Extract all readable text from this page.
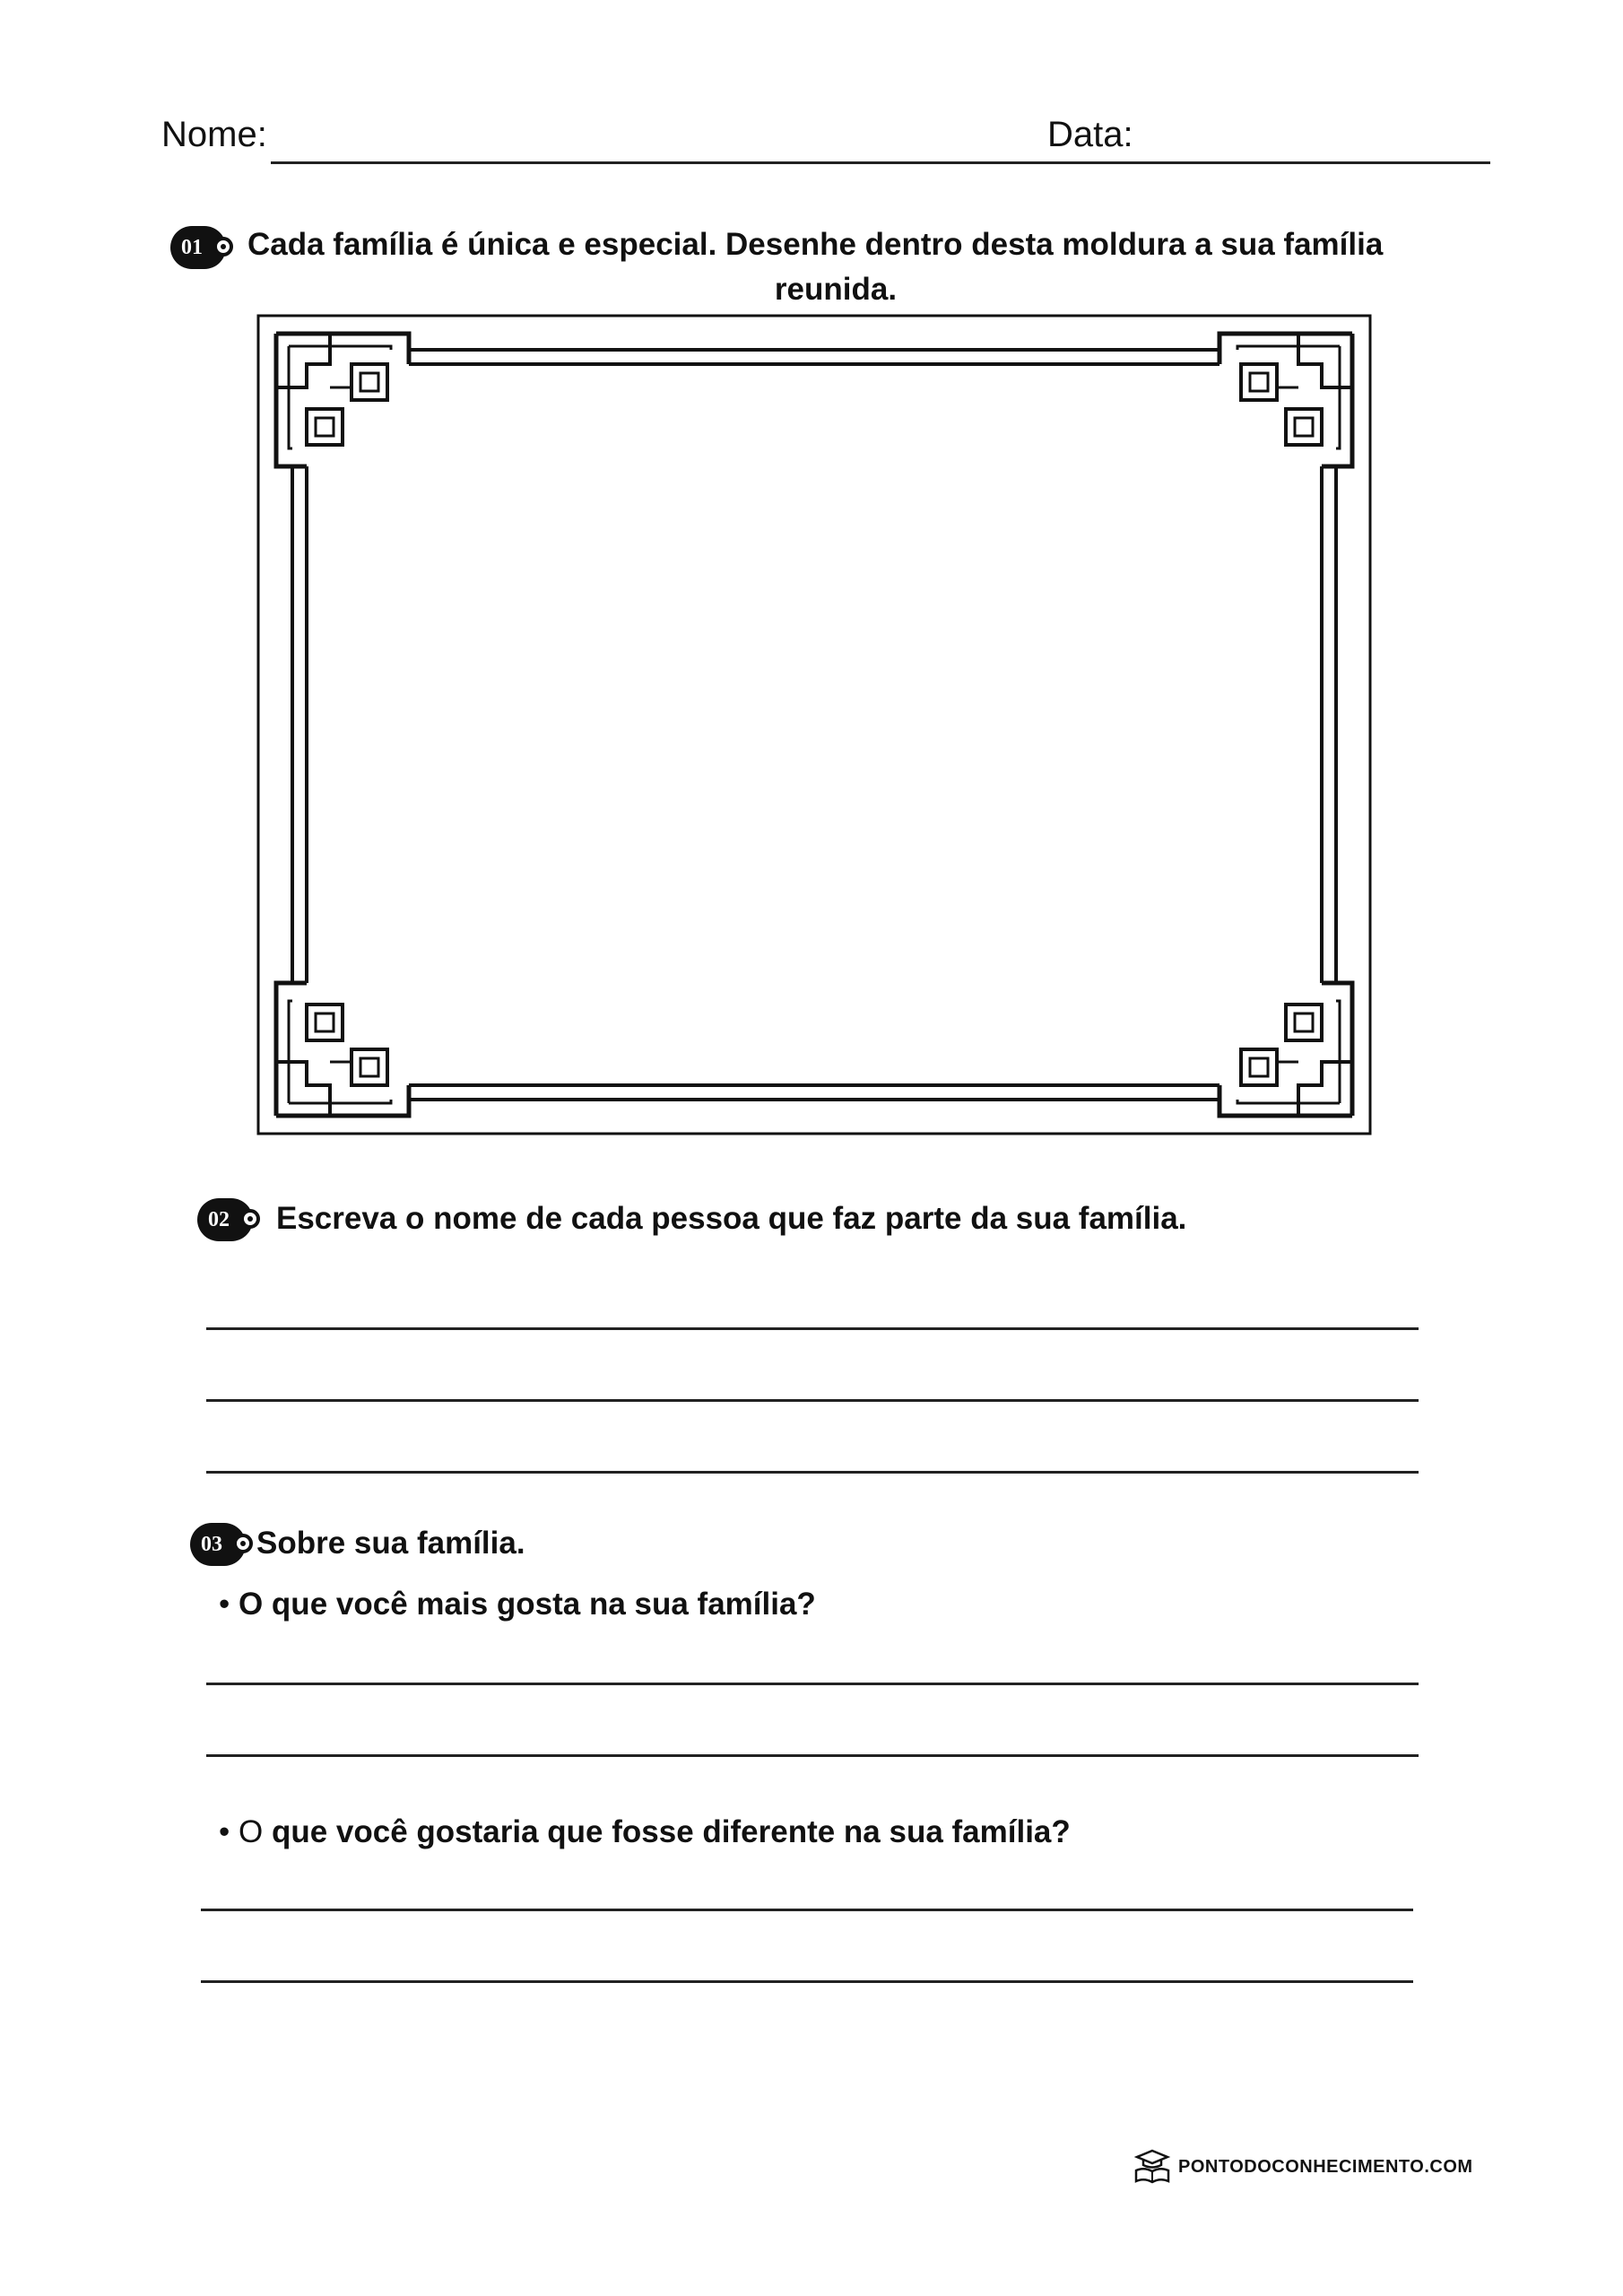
Nome:	Data:
01	Cada família é única e especial. Desenhe dentro desta moldura a sua família
reunida.
02	Escreva o nome de cada pessoa que faz parte da sua família.
03	Sobre sua família.
• O que você mais gosta na sua família?
• O que você gostaria que fosse diferente na sua família?
PONTODOCONHECIMENTO.COM
